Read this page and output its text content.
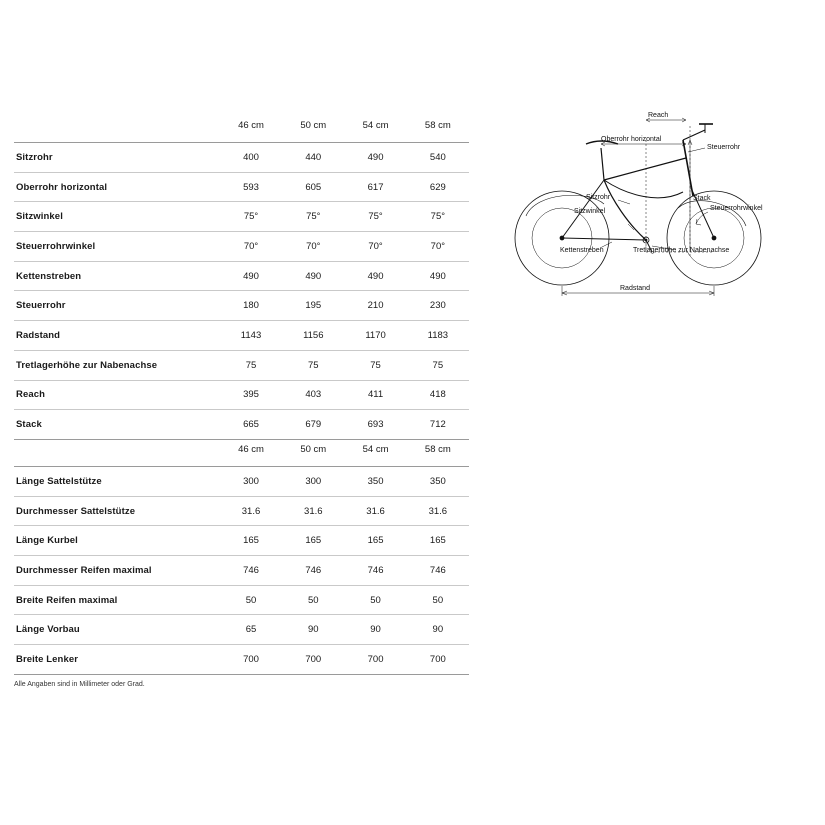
	46 cm	50 cm	54 cm	58 cm
Sitzrohr	400	440	490	540
Oberrohr horizontal	593	605	617	629
Sitzwinkel	75°	75°	75°	75°
Steuerrohrwinkel	70°	70°	70°	70°
Kettenstreben	490	490	490	490
Steuerrohr	180	195	210	230
Radstand	1143	1156	1170	1183
Tretlagerhöhe zur Nabenachse	75	75	75	75
Reach	395	403	411	418
Stack	665	679	693	712
	46 cm	50 cm	54 cm	58 cm
Länge Sattelstütze	300	300	350	350
Durchmesser Sattelstütze	31.6	31.6	31.6	31.6
Länge Kurbel	165	165	165	165
Durchmesser Reifen maximal	746	746	746	746
Breite Reifen maximal	50	50	50	50
Länge Vorbau	65	90	90	90
Breite Lenker	700	700	700	700
Alle Angaben sind in Millimeter oder Grad.
Reach
Oberrohr horizontal
Steuerrohr
Stack
Sitzrohr
Sitzwinkel	Steuerrohrwinkel
Tretlagerhöhe zur Nabenachse
Kettenstreben
Radstand
